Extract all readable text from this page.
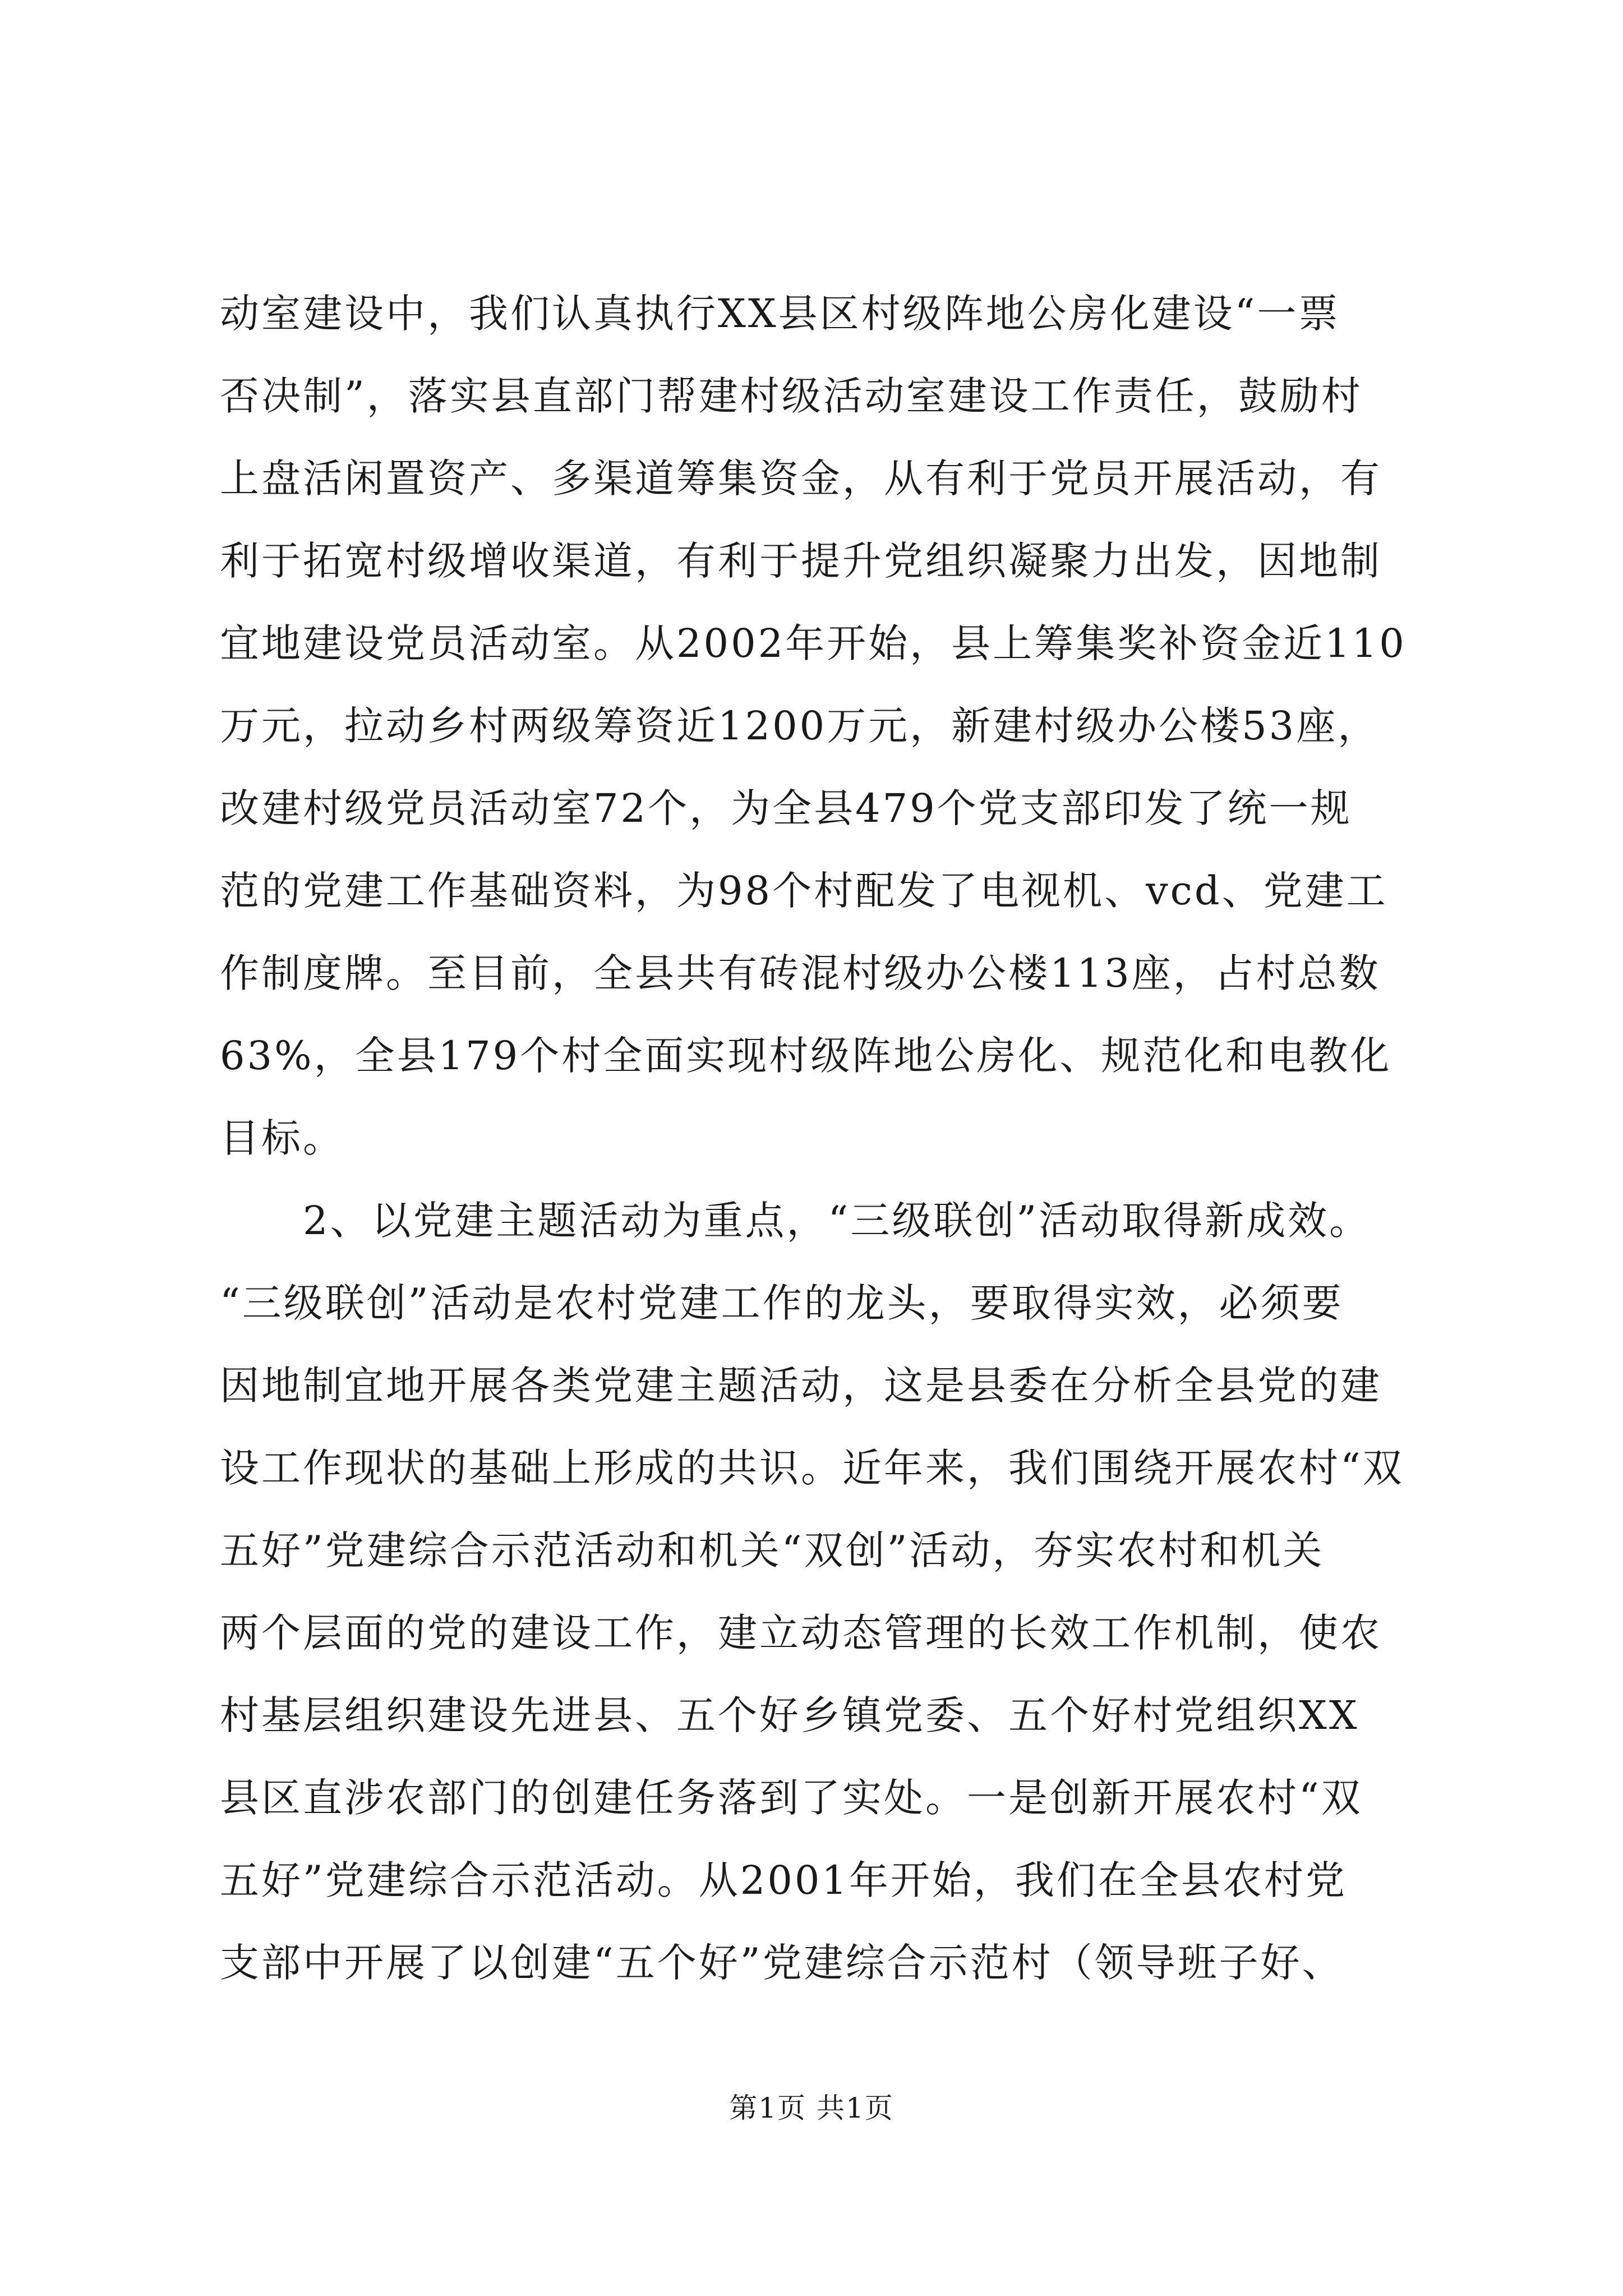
动室建设中，我们认真执行XX县区村级阵地公房化建设“一票
否决制”，落实县直部门帮建村级活动室建设工作责任，鼓励村
上盘活闲置资产、多渠道筹集资金，从有利于党员开展活动，有
利于拓宽村级增收渠道，有利于提升党组织凝聚力出发，因地制
宜地建设党员活动室。从2002年开始，县上筹集奖补资金近110
万元，拉动乡村两级筹资近1200万元，新建村级办公楼53座，
改建村级党员活动室72个，为全县479个党支部印发了统一规
范的党建工作基础资料，为98个村配发了电视机、vcd、党建工
作制度牌。至目前，全县共有砖混村级办公楼113座，占村总数
63%，全县179个村全面实现村级阵地公房化、规范化和电教化
目标。
2、以党建主题活动为重点，“三级联创”活动取得新成效。
“三级联创”活动是农村党建工作的龙头，要取得实效，必须要
因地制宜地开展各类党建主题活动，这是县委在分析全县党的建
设工作现状的基础上形成的共识。近年来，我们围绕开展农村“双
五好”党建综合示范活动和机关“双创”活动，夯实农村和机关
两个层面的党的建设工作，建立动态管理的长效工作机制，使农
村基层组织建设先进县、五个好乡镇党委、五个好村党组织XX
县区直涉农部门的创建任务落到了实处。一是创新开展农村“双
五好”党建综合示范活动。从2001年开始，我们在全县农村党
支部中开展了以创建“五个好”党建综合示范村（领导班子好、
第1页 共1页
